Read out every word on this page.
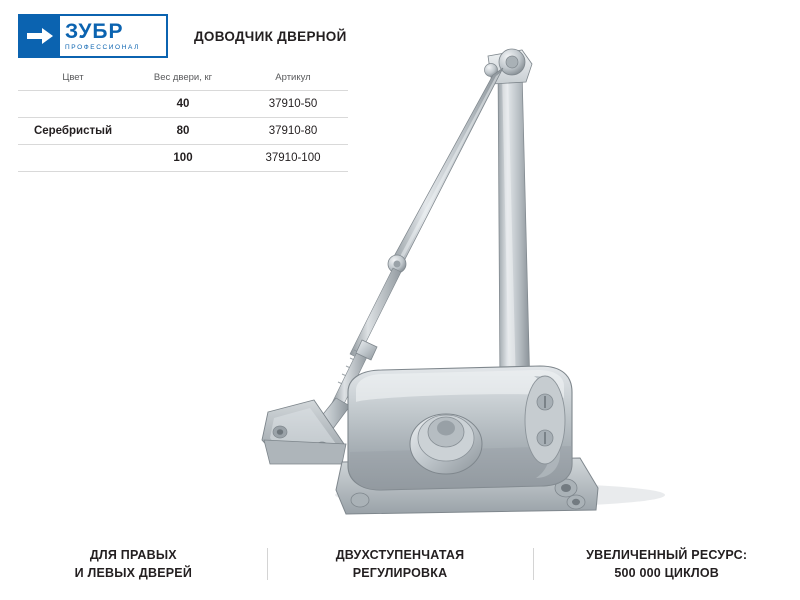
ЗУБР
ПРОФЕССИОНАЛ
ДОВОДЧИК ДВЕРНОЙ
Цвет	Вес двери, кг	Артикул
	40	37910-50
Серебристый	80	37910-80
	100	37910-100
ДЛЯ ПРАВЫХ
И ЛЕВЫХ ДВЕРЕЙ
ДВУХСТУПЕНЧАТАЯ
РЕГУЛИРОВКА
УВЕЛИЧЕННЫЙ РЕСУРС:
500 000 ЦИКЛОВ
